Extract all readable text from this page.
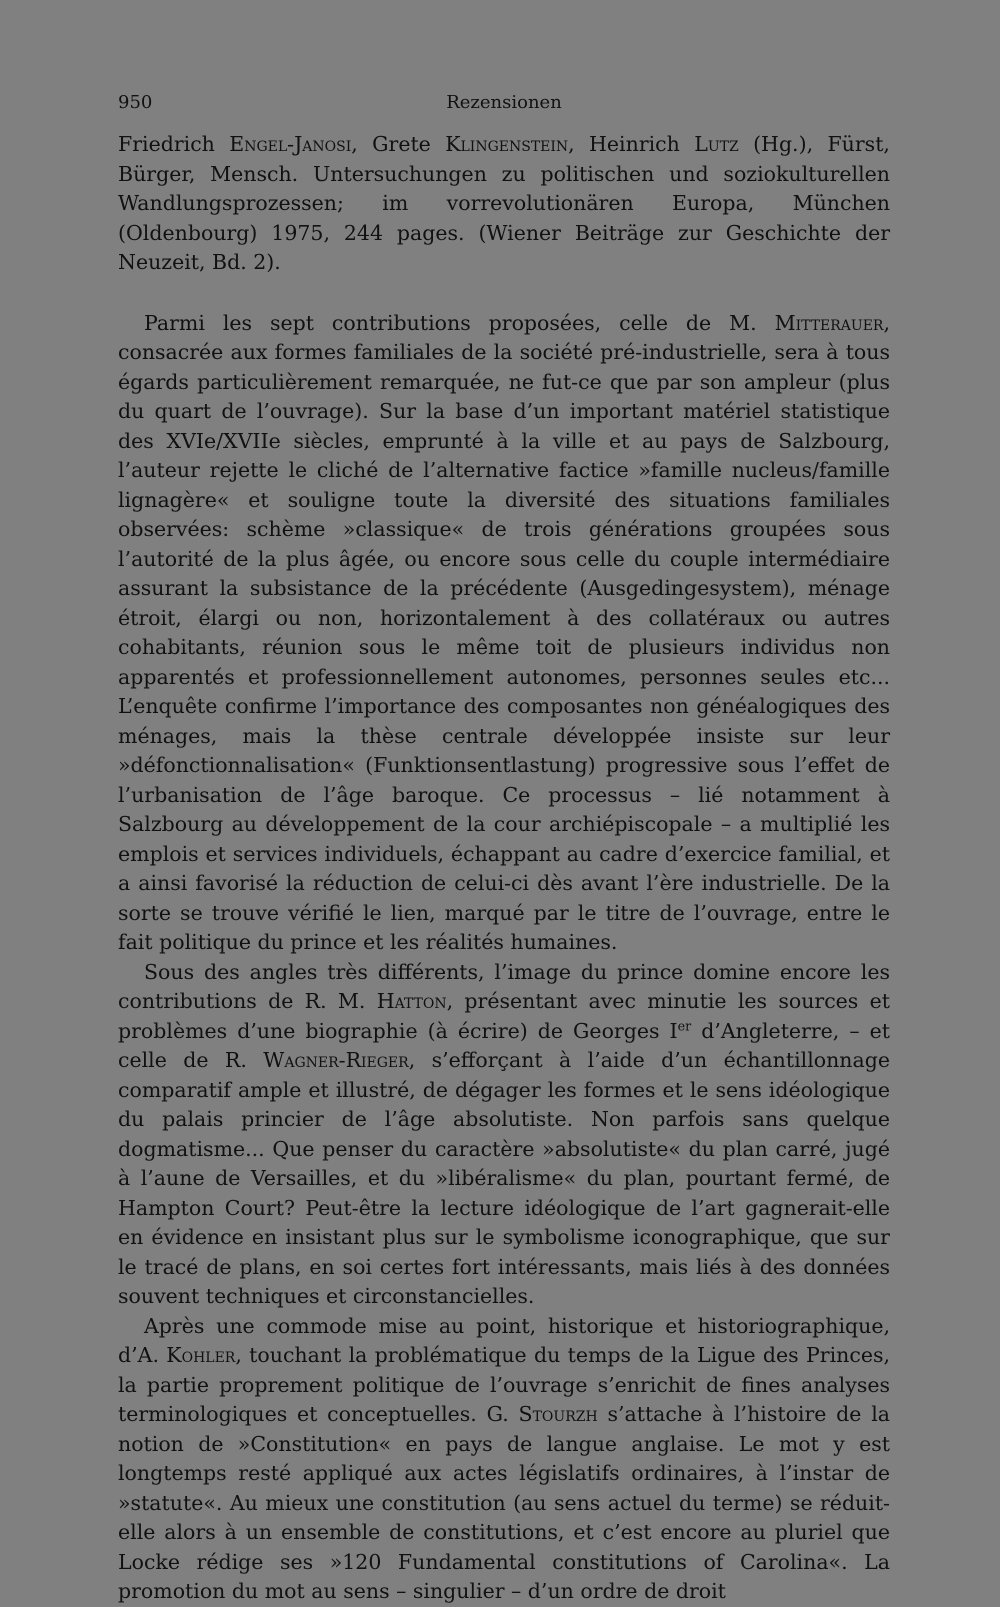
950	Rezensionen

Friedrich Engel-Janosi, Grete Klingenstein, Heinrich Lutz (Hg.), Fürst, Bürger, Mensch. Untersuchungen zu politischen und soziokulturellen Wandlungsprozessen; im vorrevolutionären Europa, München (Oldenbourg) 1975, 244 pages. (Wiener Beiträge zur Geschichte der Neuzeit, Bd. 2).

Parmi les sept contributions proposées, celle de M. Mitterauer, consacrée aux formes familiales de la société pré-industrielle, sera à tous égards particulièrement remarquée, ne fut-ce que par son ampleur (plus du quart de l’ouvrage). Sur la base d’un important matériel statistique des XVIe/XVIIe siècles, emprunté à la ville et au pays de Salzbourg, l’auteur rejette le cliché de l’alternative factice »famille nucleus/famille lignagère« et souligne toute la diversité des situations familiales observées: schème »classique« de trois générations groupées sous l’autorité de la plus âgée, ou encore sous celle du couple intermédiaire assurant la subsistance de la précédente (Ausgedingesystem), ménage étroit, élargi ou non, horizontalement à des collatéraux ou autres cohabitants, réunion sous le même toit de plusieurs individus non apparentés et professionnellement autonomes, personnes seules etc... L’enquête confirme l’importance des composantes non généalogiques des ménages, mais la thèse centrale développée insiste sur leur »défonctionnalisation« (Funktionsentlastung) progressive sous l’effet de l’urbanisation de l’âge baroque. Ce processus – lié notamment à Salzbourg au développement de la cour archiépiscopale – a multiplié les emplois et services individuels, échappant au cadre d’exercice familial, et a ainsi favorisé la réduction de celui-ci dès avant l’ère industrielle. De la sorte se trouve vérifié le lien, marqué par le titre de l’ouvrage, entre le fait politique du prince et les réalités humaines.

Sous des angles très différents, l’image du prince domine encore les contributions de R. M. Hatton, présentant avec minutie les sources et problèmes d’une biographie (à écrire) de Georges Ier d’Angleterre, – et celle de R. Wagner-Rieger, s’efforçant à l’aide d’un échantillonnage comparatif ample et illustré, de dégager les formes et le sens idéologique du palais princier de l’âge absolutiste. Non parfois sans quelque dogmatisme... Que penser du caractère »absolutiste« du plan carré, jugé à l’aune de Versailles, et du »libéralisme« du plan, pourtant fermé, de Hampton Court? Peut-être la lecture idéologique de l’art gagnerait-elle en évidence en insistant plus sur le symbolisme iconographique, que sur le tracé de plans, en soi certes fort intéressants, mais liés à des données souvent techniques et circonstancielles.

Après une commode mise au point, historique et historiographique, d’A. Kohler, touchant la problématique du temps de la Ligue des Princes, la partie proprement politique de l’ouvrage s’enrichit de fines analyses terminologiques et conceptuelles. G. Stourzh s’attache à l’histoire de la notion de »Constitution« en pays de langue anglaise. Le mot y est longtemps resté appliqué aux actes législatifs ordinaires, à l’instar de »statute«. Au mieux une constitution (au sens actuel du terme) se réduit-elle alors à un ensemble de constitutions, et c’est encore au pluriel que Locke rédige ses »120 Fundamental constitutions of Carolina«. La promotion du mot au sens – singulier – d’un ordre de droit
